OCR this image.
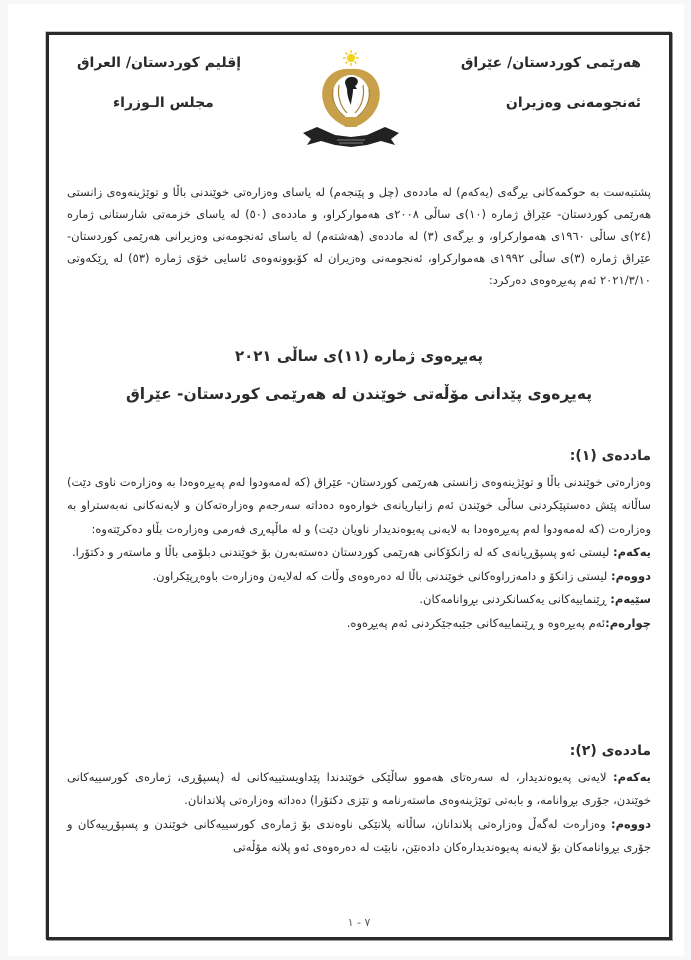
هەرێمی کوردستان/ عێراق
ئەنجومەنی وەزیران
إقليم كوردستان/ العراق
مجلس الـوزراء
پشتبەست بە حوکمەکانی بڕگەی (یەکەم) لە ماددەی (چل و پێنجەم) لە یاسای وەزارەتی خوێندنی باڵا و توێژینەوەی زانستی هەرێمی کوردستان- عێراق ژمارە (١٠)ی ساڵی ٢٠٠٨ی هەموارکراو، و ماددەی (٥٠) لە یاسای خزمەتی شارستانی ژمارە (٢٤)ی ساڵی ١٩٦٠ی هەموارکراو، و بڕگەی (٣) لە ماددەی (هەشتەم) لە یاسای ئەنجومەنی وەزیرانی هەرێمی کوردستان- عێراق ژمارە (٣)ی ساڵی ١٩٩٢ی هەموارکراو، ئەنجومەنی وەزیران لە کۆبوونەوەی ئاسایی خۆی ژمارە (٥٣) لە ڕێکەوتی ٢٠٢١/٣/١٠ ئەم پەیڕەوەی دەرکرد:
پەیڕەوی ژمارە (١١)ی ساڵی ٢٠٢١
پەیڕەوی پێدانی مۆڵەتی خوێندن لە هەرێمی کوردستان- عێراق
ماددەی (١):

وەزارەتی خوێندنی باڵا و توێژینەوەی زانستی هەرێمی کوردستان- عێراق (کە لەمەودوا لەم پەیڕەوەدا بە وەزارەت ناوی دێت) ساڵانە پێش دەستپێکردنی ساڵی خوێندن ئەم زانیاریانەی خوارەوە دەداتە سەرجەم وەزارەتەکان و لایەنەکانی نەبەستراو بە وەزارەت (کە لەمەودوا لەم پەیڕەوەدا بە لایەنی پەیوەندیدار ناویان دێت) و لە ماڵپەڕی فەرمی وەزارەت بڵاو دەکرێتەوە:

یەکەم: لیستی ئەو پسپۆڕیانەی کە لە زانکۆکانی هەرێمی کوردستان دەستەبەرن بۆ خوێندنی دبلۆمی باڵا و ماستەر و دکتۆرا.

دووەم: لیستی زانکۆ و دامەزراوەکانی خوێندنی باڵا لە دەرەوەی وڵات کە لەلایەن وەزارەت باوەڕپێکراون.

سێیەم: ڕێنماییەکانی یەکسانکردنی بڕوانامەکان.

چوارەم:ئەم پەیڕەوە و ڕێنماییەکانی جێبەجێکردنی ئەم پەیڕەوە.

ماددەی (٢):

یەکەم: لایەنی پەیوەندیدار، لە سەرەتای هەموو ساڵێکی خوێندندا پێداویستییەکانی لە (پسپۆڕی، ژمارەی کورسییەکانی خوێندن، جۆری بڕوانامە، و بابەتی توێژینەوەی ماستەرنامە و تێزی دکتۆرا) دەداتە وەزارەتی پلاندانان.

دووەم: وەزارەت لەگەڵ وەزارەتی پلاندانان، ساڵانە پلانێکی ناوەندی بۆ ژمارەی کورسییەکانی خوێندن و پسپۆڕییەکان و جۆری بڕوانامەکان بۆ لایەنە پەیوەندیدارەکان دادەنێن، نابێت لە دەرەوەی ئەو پلانە مۆڵەتی

٧ - ١
